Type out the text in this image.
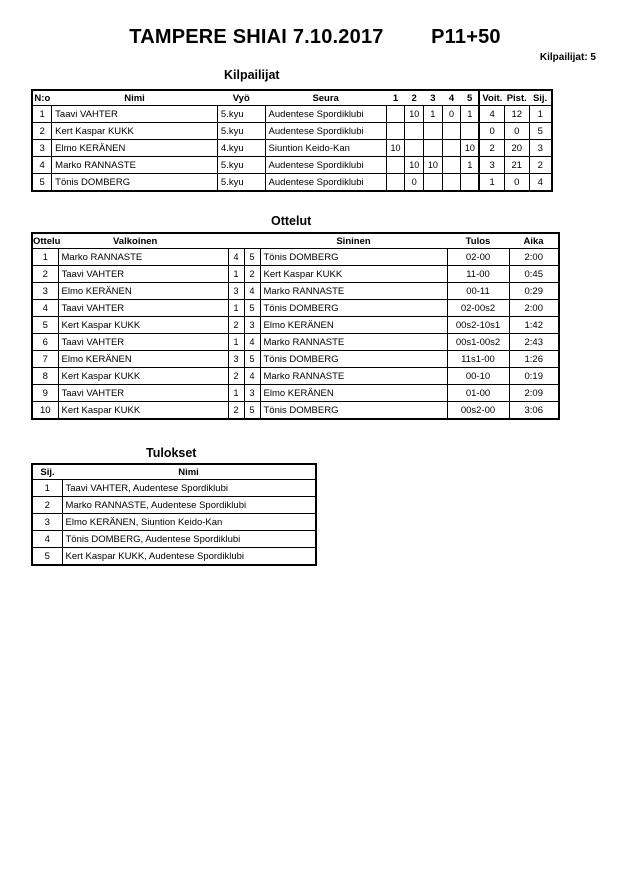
TAMPERE SHIAI 7.10.2017 P11+50
Kilpailijat: 5
Kilpailijat
N:o	Nimi	Vyö	Seura	1	2	3	4	5	Voit.	Pist.	Sij.
1	Taavi VAHTER	5.kyu	Audentese Spordiklubi		10	1	0	1	4	12	1
2	Kert Kaspar KUKK	5.kyu	Audentese Spordiklubi						0	0	5
3	Elmo KERÄNEN	4.kyu	Siuntion Keido-Kan	10				10	2	20	3
4	Marko RANNASTE	5.kyu	Audentese Spordiklubi		10	10		1	3	21	2
5	Tönis DOMBERG	5.kyu	Audentese Spordiklubi		0				1	0	4
Ottelut
Ottelu	Valkoinen			Sininen	Tulos	Aika
1	Marko RANNASTE	4	5	Tönis DOMBERG	02-00	2:00
2	Taavi VAHTER	1	2	Kert Kaspar KUKK	11-00	0:45
3	Elmo KERÄNEN	3	4	Marko RANNASTE	00-11	0:29
4	Taavi VAHTER	1	5	Tönis DOMBERG	02-00s2	2:00
5	Kert Kaspar KUKK	2	3	Elmo KERÄNEN	00s2-10s1	1:42
6	Taavi VAHTER	1	4	Marko RANNASTE	00s1-00s2	2:43
7	Elmo KERÄNEN	3	5	Tönis DOMBERG	11s1-00	1:26
8	Kert Kaspar KUKK	2	4	Marko RANNASTE	00-10	0:19
9	Taavi VAHTER	1	3	Elmo KERÄNEN	01-00	2:09
10	Kert Kaspar KUKK	2	5	Tönis DOMBERG	00s2-00	3:06
Tulokset
Sij.	Nimi
1	Taavi VAHTER, Audentese Spordiklubi
2	Marko RANNASTE, Audentese Spordiklubi
3	Elmo KERÄNEN, Siuntion Keido-Kan
4	Tönis DOMBERG, Audentese Spordiklubi
5	Kert Kaspar KUKK, Audentese Spordiklubi
